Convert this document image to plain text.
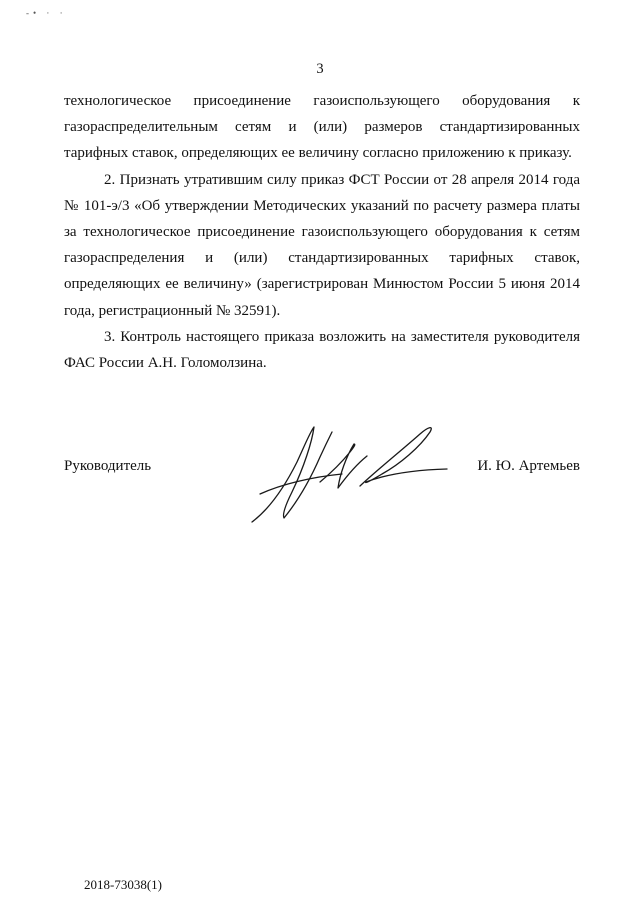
-• · ·
3

технологическое присоединение газоиспользующего оборудования к
газораспределительным сетям и (или) размеров стандартизированных
тарифных ставок, определяющих ее величину согласно приложению к приказу.

2. Признать утратившим силу приказ ФСТ России от 28 апреля 2014 года
№ 101-э/3 «Об утверждении Методических указаний по расчету размера платы
за технологическое присоединение газоиспользующего оборудования к сетям
газораспределения и (или) стандартизированных тарифных ставок,
определяющих ее величину» (зарегистрирован Минюстом России 5 июня 2014
года, регистрационный № 32591).

3. Контроль настоящего приказа возложить на заместителя руководителя
ФАС России А.Н. Голомолзина.

Руководитель	И. Ю. Артемьев
2018-73038(1)
